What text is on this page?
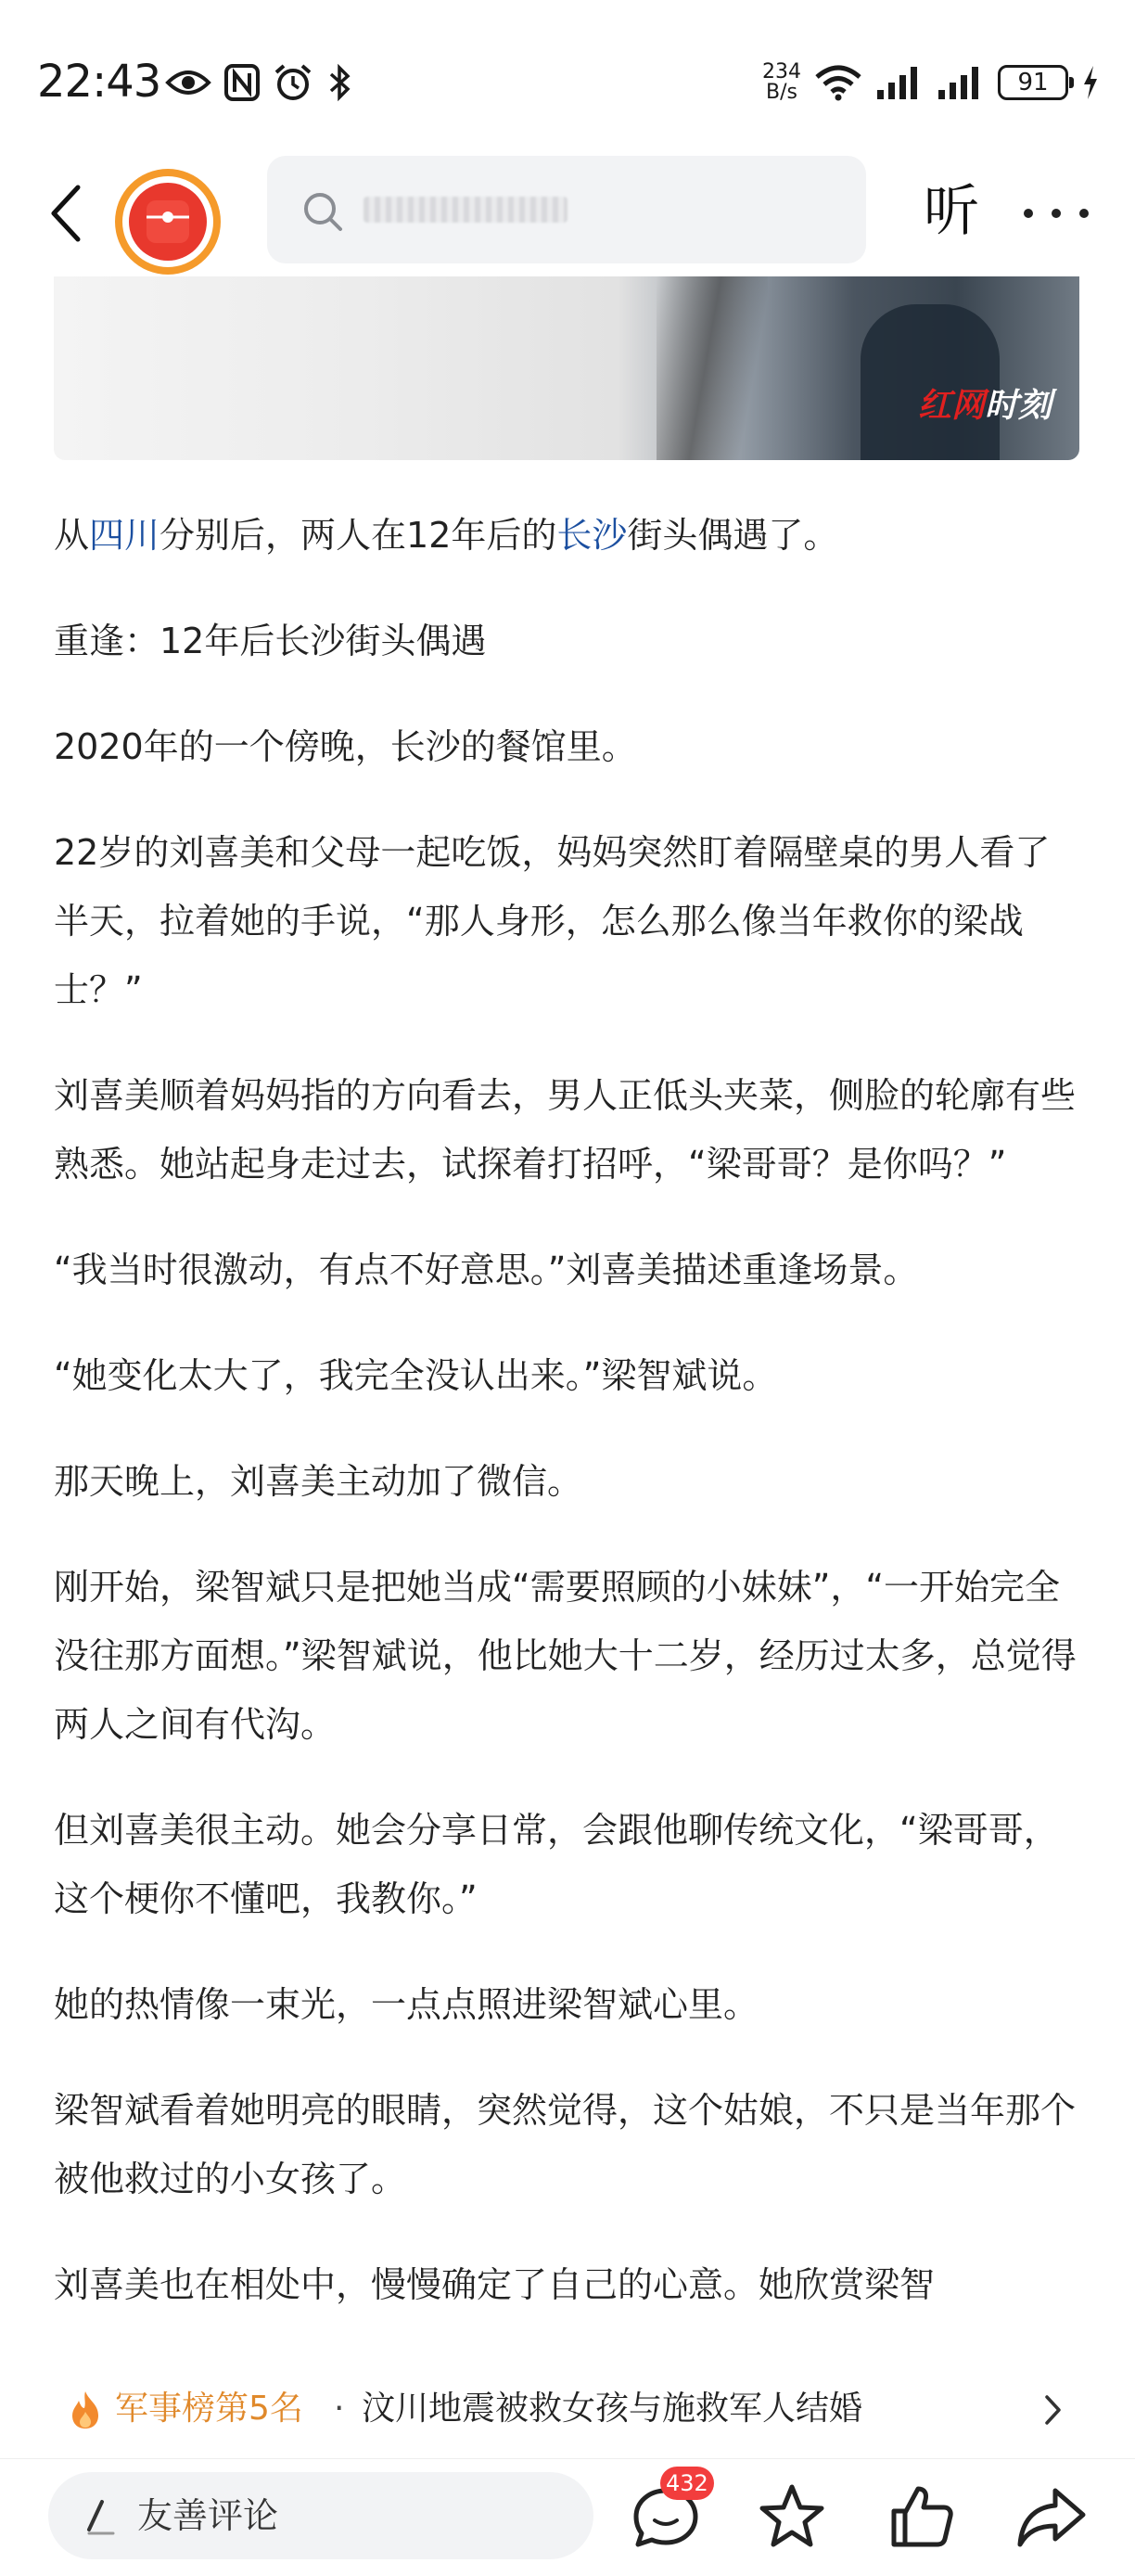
22:43	234
B/s	91
听
红网时刻

从四川分别后，两人在12年后的长沙街头偶遇了。

重逢：12年后长沙街头偶遇

2020年的一个傍晚，长沙的餐馆里。

22岁的刘喜美和父母一起吃饭，妈妈突然盯着隔壁桌的男人看了半天，拉着她的手说，“那人身形，怎么那么像当年救你的梁战士？”

刘喜美顺着妈妈指的方向看去，男人正低头夹菜，侧脸的轮廓有些熟悉。她站起身走过去，试探着打招呼，“梁哥哥？是你吗？”

“我当时很激动，有点不好意思。”刘喜美描述重逢场景。

“她变化太大了，我完全没认出来。”梁智斌说。

那天晚上，刘喜美主动加了微信。

刚开始，梁智斌只是把她当成“需要照顾的小妹妹”，“一开始完全没往那方面想。”梁智斌说，他比她大十二岁，经历过太多，总觉得两人之间有代沟。

但刘喜美很主动。她会分享日常，会跟他聊传统文化，“梁哥哥，这个梗你不懂吧，我教你。”

她的热情像一束光，一点点照进梁智斌心里。

梁智斌看着她明亮的眼睛，突然觉得，这个姑娘，不只是当年那个被他救过的小女孩了。

刘喜美也在相处中，慢慢确定了自己的心意。她欣赏梁智

军事榜第5名 · 汶川地震被救女孩与施救军人结婚
友善评论
432
